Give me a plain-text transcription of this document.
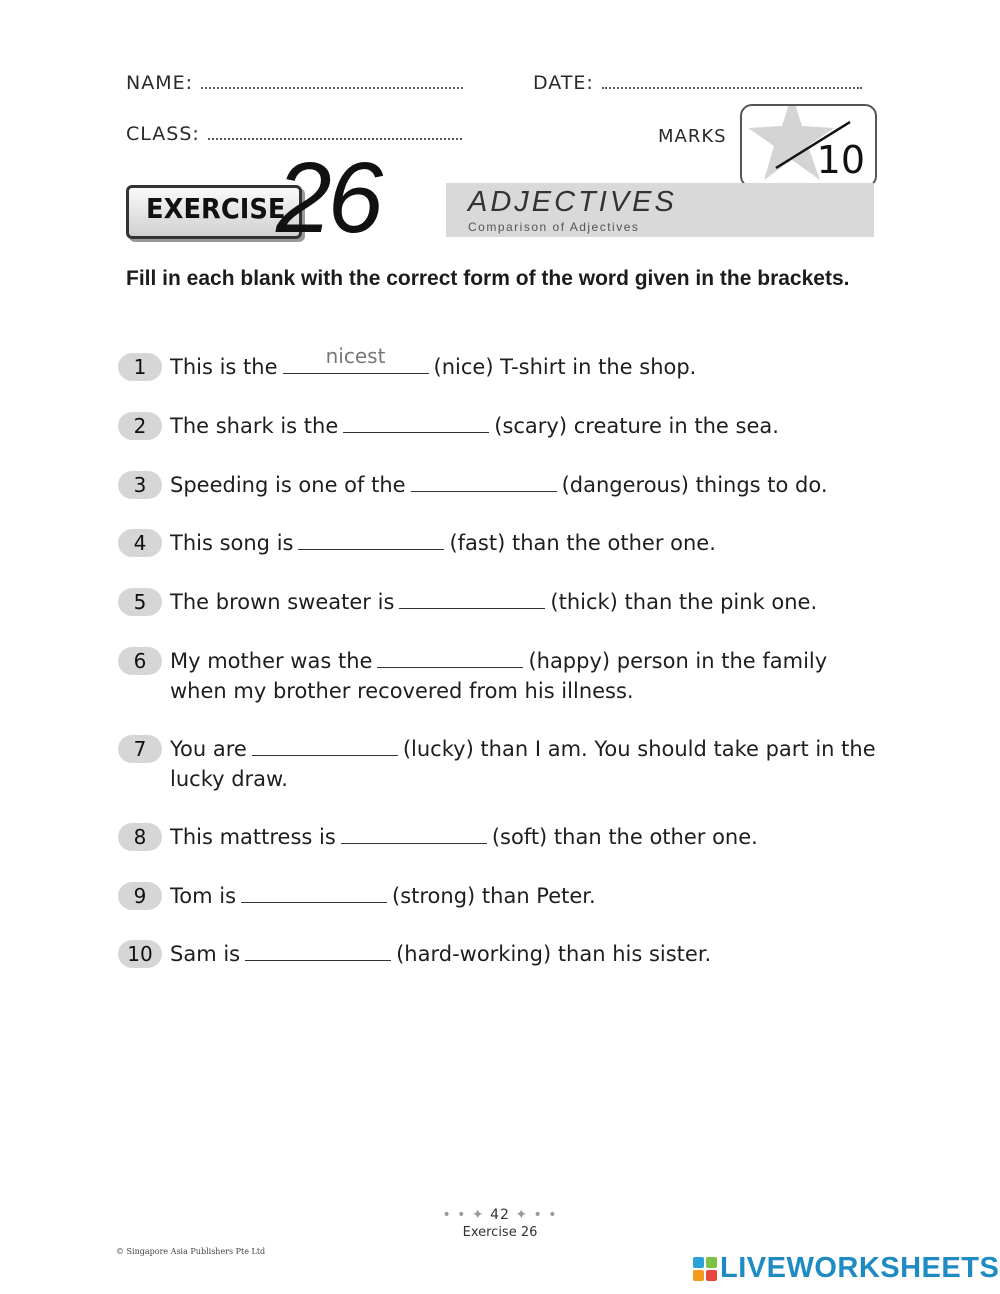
NAME:	DATE:
CLASS:	MARKS
10
EXERCISE
26	ADJECTIVES
Comparison of Adjectives
Fill in each blank with the correct form of the word given in the brackets.
1	This is the	nicest	(nice) T-shirt in the shop.
2	The shark is the	(scary) creature in the sea.
3	Speeding is one of the	(dangerous) things to do.
4	This song is	(fast) than the other one.
5	The brown sweater is	(thick) than the pink one.
6	My mother was the	(happy) person in the family when my brother recovered from his illness.
7	You are	(lucky) than I am. You should take part in the lucky draw.
8	This mattress is	(soft) than the other one.
9	Tom is	(strong) than Peter.
10 Sam is	(hard-working) than his sister.
• • ✦ 42 ✦ • •
Exercise 26
© Singapore Asia Publishers Pte Ltd
LIVEWORKSHEETS
